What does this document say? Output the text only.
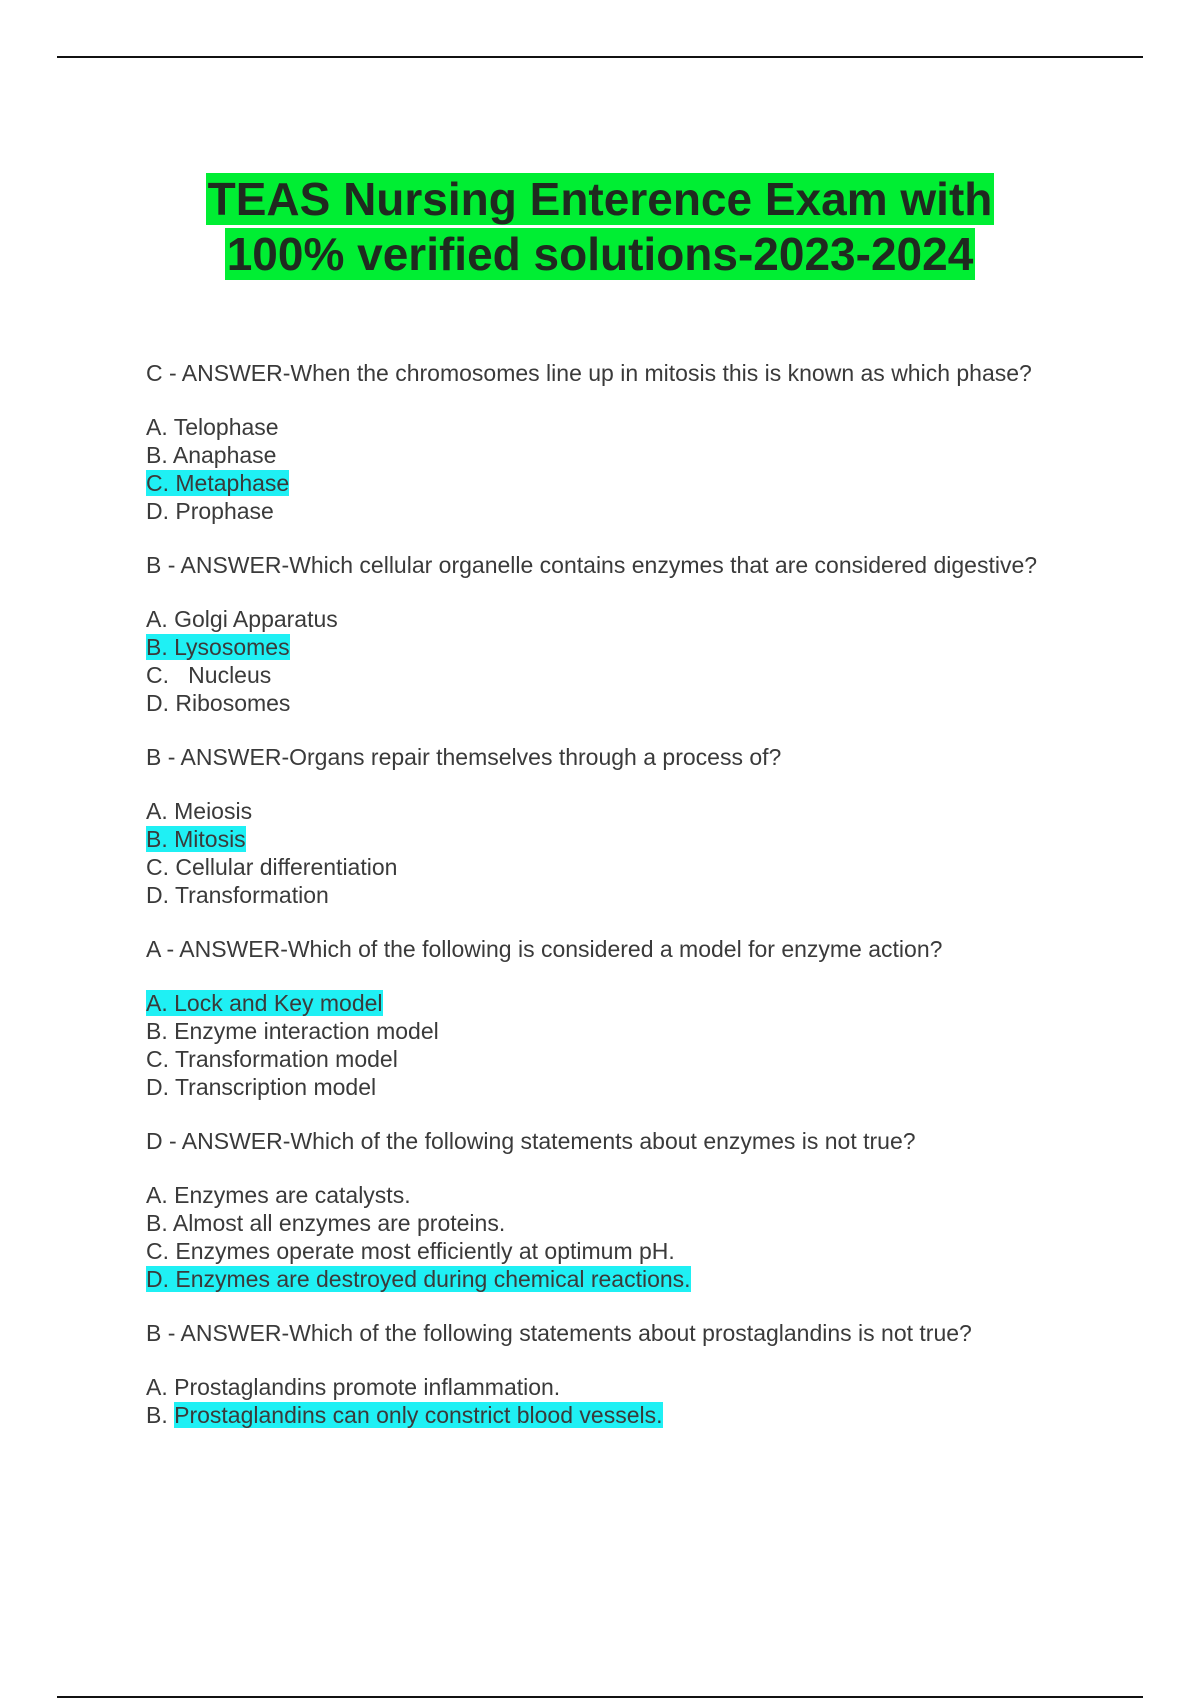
TEAS Nursing Enterence Exam with
100% verified solutions-2023-2024
C - ANSWER-When the chromosomes line up in mitosis this is known as which phase?
A. Telophase
B. Anaphase
C. Metaphase
D. Prophase
B - ANSWER-Which cellular organelle contains enzymes that are considered digestive?
A. Golgi Apparatus
B. Lysosomes
C.   Nucleus
D. Ribosomes
B - ANSWER-Organs repair themselves through a process of?
A. Meiosis
B. Mitosis
C. Cellular differentiation
D. Transformation
A - ANSWER-Which of the following is considered a model for enzyme action?
A. Lock and Key model
B. Enzyme interaction model
C. Transformation model
D. Transcription model
D - ANSWER-Which of the following statements about enzymes is not true?
A. Enzymes are catalysts.
B. Almost all enzymes are proteins.
C. Enzymes operate most efficiently at optimum pH.
D. Enzymes are destroyed during chemical reactions.
B - ANSWER-Which of the following statements about prostaglandins is not true?
A. Prostaglandins promote inflammation.
B. Prostaglandins can only constrict blood vessels.
